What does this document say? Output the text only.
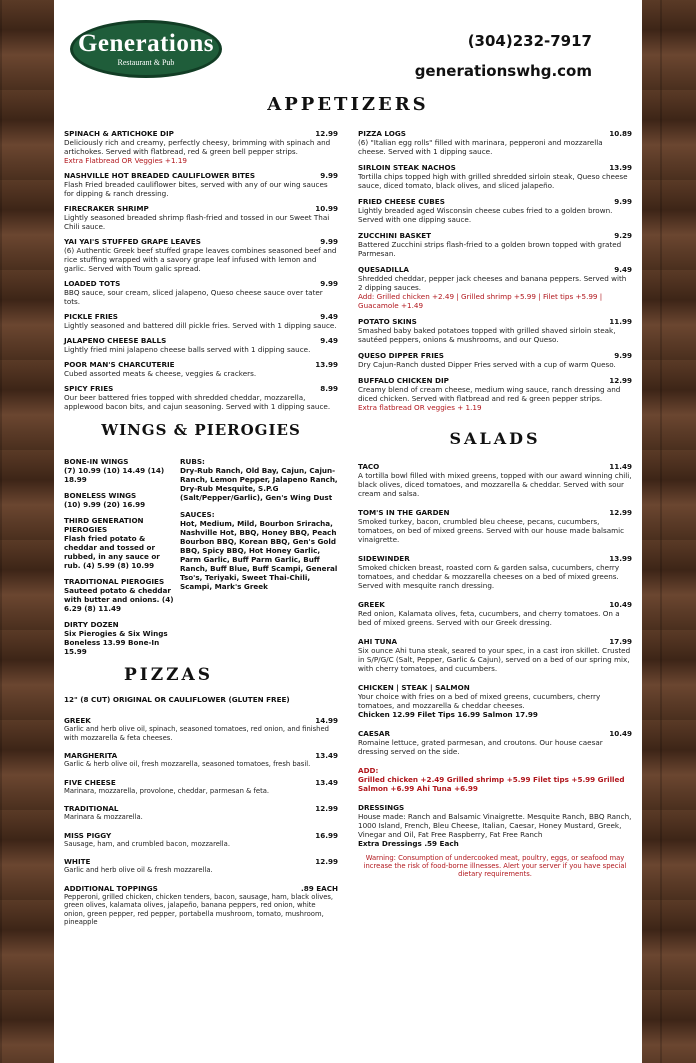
Generations
Restaurant & Pub
(304)232-7917
generationswhg.com
APPETIZERS
SPINACH & ARTICHOKE DIP	12.99
Deliciously rich and creamy, perfectly cheesy, brimming with spinach and artichokes. Served with flatbread, red & green bell pepper strips.
Extra Flatbread OR Veggies +1.19
NASHVILLE HOT BREADED CAULIFLOWER BITES	9.99
Flash Fried breaded cauliflower bites, served with any of our wing sauces for dipping & ranch dressing.
FIRECRAKER SHRIMP	10.99
Lightly seasoned breaded shrimp flash-fried and tossed in our Sweet Thai Chili sauce.
YAI YAI'S STUFFED GRAPE LEAVES	9.99
(6) Authentic Greek beef stuffed grape leaves combines seasoned beef and rice stuffing wrapped with a savory grape leaf infused with lemon and garlic. Served with Toum galic spread.
LOADED TOTS	9.99
BBQ sauce, sour cream, sliced jalapeno, Queso cheese sauce over tater tots.
PICKLE FRIES	9.49
Lightly seasoned and battered dill pickle fries. Served with 1 dipping sauce.
JALAPENO CHEESE BALLS	9.49
Lightly fried mini jalapeno cheese balls served with 1 dipping sauce.
POOR MAN'S CHARCUTERIE	13.99
Cubed assorted meats & cheese, veggies & crackers.
SPICY FRIES	8.99
Our beer battered fries topped with shredded cheddar, mozzarella, applewood bacon bits, and cajun seasoning. Served with 1 dipping sauce.
PIZZA LOGS	10.89
(6) "Italian egg rolls" filled with marinara, pepperoni and mozzarella cheese. Served with 1 dipping sauce.
SIRLOIN STEAK NACHOS	13.99
Tortilla chips topped high with grilled shredded sirloin steak, Queso cheese sauce, diced tomato, black olives, and sliced jalapeño.
FRIED CHEESE CUBES	9.99
Lightly breaded aged Wisconsin cheese cubes fried to a golden brown. Served with one dipping sauce.
ZUCCHINI BASKET	9.29
Battered Zucchini strips flash-fried to a golden brown topped with grated Parmesan.
QUESADILLA	9.49
Shredded cheddar, pepper jack cheeses and banana peppers. Served with 2 dipping sauces.
Add: Grilled chicken +2.49 | Grilled shrimp +5.99 | Filet tips +5.99 | Guacamole +1.49
POTATO SKINS	11.99
Smashed baby baked potatoes topped with grilled shaved sirloin steak, sautéed peppers, onions & mushrooms, and our Queso.
QUESO DIPPER FRIES	9.99
Dry Cajun-Ranch dusted Dipper Fries served with a cup of warm Queso.
BUFFALO CHICKEN DIP	12.99
Creamy blend of cream cheese, medium wing sauce, ranch dressing and diced chicken. Served with flatbread and red & green pepper strips.
Extra flatbread OR veggies + 1.19
WINGS & PIEROGIES
BONE-IN WINGS
(7) 10.99 (10) 14.49 (14) 18.99
BONELESS WINGS
(10) 9.99 (20) 16.99
THIRD GENERATION PIEROGIES
Flash fried potato & cheddar and tossed or rubbed, in any sauce or rub. (4) 5.99 (8) 10.99
TRADITIONAL PIEROGIES
Sauteed potato & cheddar with butter and onions. (4) 6.29 (8) 11.49
DIRTY DOZEN
Six Pierogies & Six Wings Boneless 13.99 Bone-In 15.99
RUBS:
Dry-Rub Ranch, Old Bay, Cajun, Cajun-Ranch, Lemon Pepper, Jalapeno Ranch, Dry-Rub Mesquite, S.P.G (Salt/Pepper/Garlic), Gen's Wing Dust
SAUCES:
Hot, Medium, Mild, Bourbon Sriracha, Nashville Hot, BBQ, Honey BBQ, Peach Bourbon BBQ, Korean BBQ, Gen's Gold BBQ, Spicy BBQ, Hot Honey Garlic, Parm Garlic, Buff Parm Garlic, Buff Ranch, Buff Blue, Buff Scampi, General Tso's, Teriyaki, Sweet Thai-Chili, Scampi, Mark's Greek
PIZZAS
12" (8 CUT) ORIGINAL OR CAULIFLOWER (GLUTEN FREE)
GREEK	14.99
Garlic and herb olive oil, spinach, seasoned tomatoes, red onion, and finished with mozzarella & feta cheeses.
MARGHERITA	13.49
Garlic & herb olive oil, fresh mozzarella, seasoned tomatoes, fresh basil.
FIVE CHEESE	13.49
Marinara, mozzarella, provolone, cheddar, parmesan & feta.
TRADITIONAL	12.99
Marinara & mozzarella.
MISS PIGGY	16.99
Sausage, ham, and crumbled bacon, mozzarella.
WHITE	12.99
Garlic and herb olive oil & fresh mozzarella.
ADDITIONAL TOPPINGS	.89 EACH
Pepperoni, grilled chicken, chicken tenders, bacon, sausage, ham, black olives, green olives, kalamata olives, jalapeño, banana peppers, red onion, white onion, green pepper, red pepper, portabella mushroom, tomato, mushroom, pineapple
SALADS
TACO	11.49
A tortilla bowl filled with mixed greens, topped with our award winning chili, black olives, diced tomatoes, and mozzarella & cheddar. Served with sour cream and salsa.
TOM'S IN THE GARDEN	12.99
Smoked turkey, bacon, crumbled bleu cheese, pecans, cucumbers, tomatoes, on bed of mixed greens. Served with our house made balsamic vinaigrette.
SIDEWINDER	13.99
Smoked chicken breast, roasted corn & garden salsa, cucumbers, cherry tomatoes, and cheddar & mozzarella cheeses on a bed of mixed greens. Served with mesquite ranch dressing.
GREEK	10.49
Red onion, Kalamata olives, feta, cucumbers, and cherry tomatoes. On a bed of mixed greens. Served with our Greek dressing.
AHI TUNA	17.99
Six ounce Ahi tuna steak, seared to your spec, in a cast iron skillet. Crusted in S/P/G/C (Salt, Pepper, Garlic & Cajun), served on a bed of our spring mix, with cherry tomatoes, and cucumbers.
CHICKEN | STEAK | SALMON
Your choice with fries on a bed of mixed greens, cucumbers, cherry tomatoes, and mozzarella & cheddar cheeses.
Chicken 12.99 Filet Tips 16.99 Salmon 17.99
CAESAR	10.49
Romaine lettuce, grated parmesan, and croutons. Our house caesar dressing served on the side.
ADD:
Grilled chicken +2.49 Grilled shrimp +5.99 Filet tips +5.99 Grilled Salmon +6.99 Ahi Tuna +6.99
DRESSINGS
House made: Ranch and Balsamic Vinaigrette. Mesquite Ranch, BBQ Ranch, 1000 Island, French, Bleu Cheese, Italian, Caesar, Honey Mustard, Greek, Vinegar and Oil, Fat Free Raspberry, Fat Free Ranch
Extra Dressings .59 Each
Warning: Consumption of undercooked meat, poultry, eggs, or seafood may increase the risk of food-borne illnesses. Alert your server if you have special dietary requirements.
